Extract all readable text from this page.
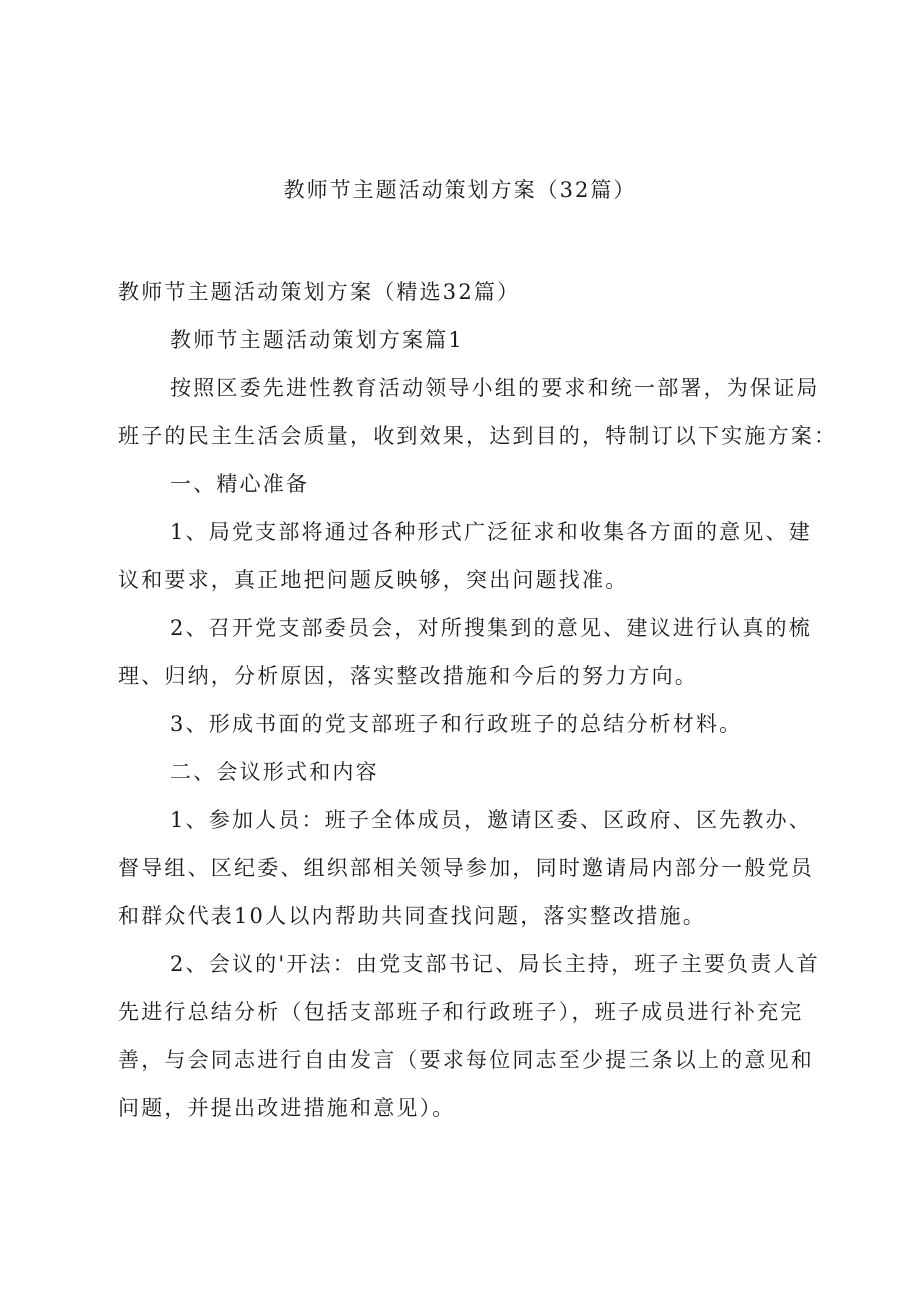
教师节主题活动策划方案（32篇）
教师节主题活动策划方案（精选32篇）
教师节主题活动策划方案篇1
按照区委先进性教育活动领导小组的要求和统一部署，为保证局
班子的民主生活会质量，收到效果，达到目的，特制订以下实施方案：
一、精心准备
1、局党支部将通过各种形式广泛征求和收集各方面的意见、建
议和要求，真正地把问题反映够，突出问题找准。
2、召开党支部委员会，对所搜集到的意见、建议进行认真的梳
理、归纳，分析原因，落实整改措施和今后的努力方向。
3、形成书面的党支部班子和行政班子的总结分析材料。
二、会议形式和内容
1、参加人员：班子全体成员，邀请区委、区政府、区先教办、
督导组、区纪委、组织部相关领导参加，同时邀请局内部分一般党员
和群众代表10人以内帮助共同查找问题，落实整改措施。
2、会议的'开法：由党支部书记、局长主持，班子主要负责人首
先进行总结分析（包括支部班子和行政班子），班子成员进行补充完
善，与会同志进行自由发言（要求每位同志至少提三条以上的意见和
问题，并提出改进措施和意见）。
